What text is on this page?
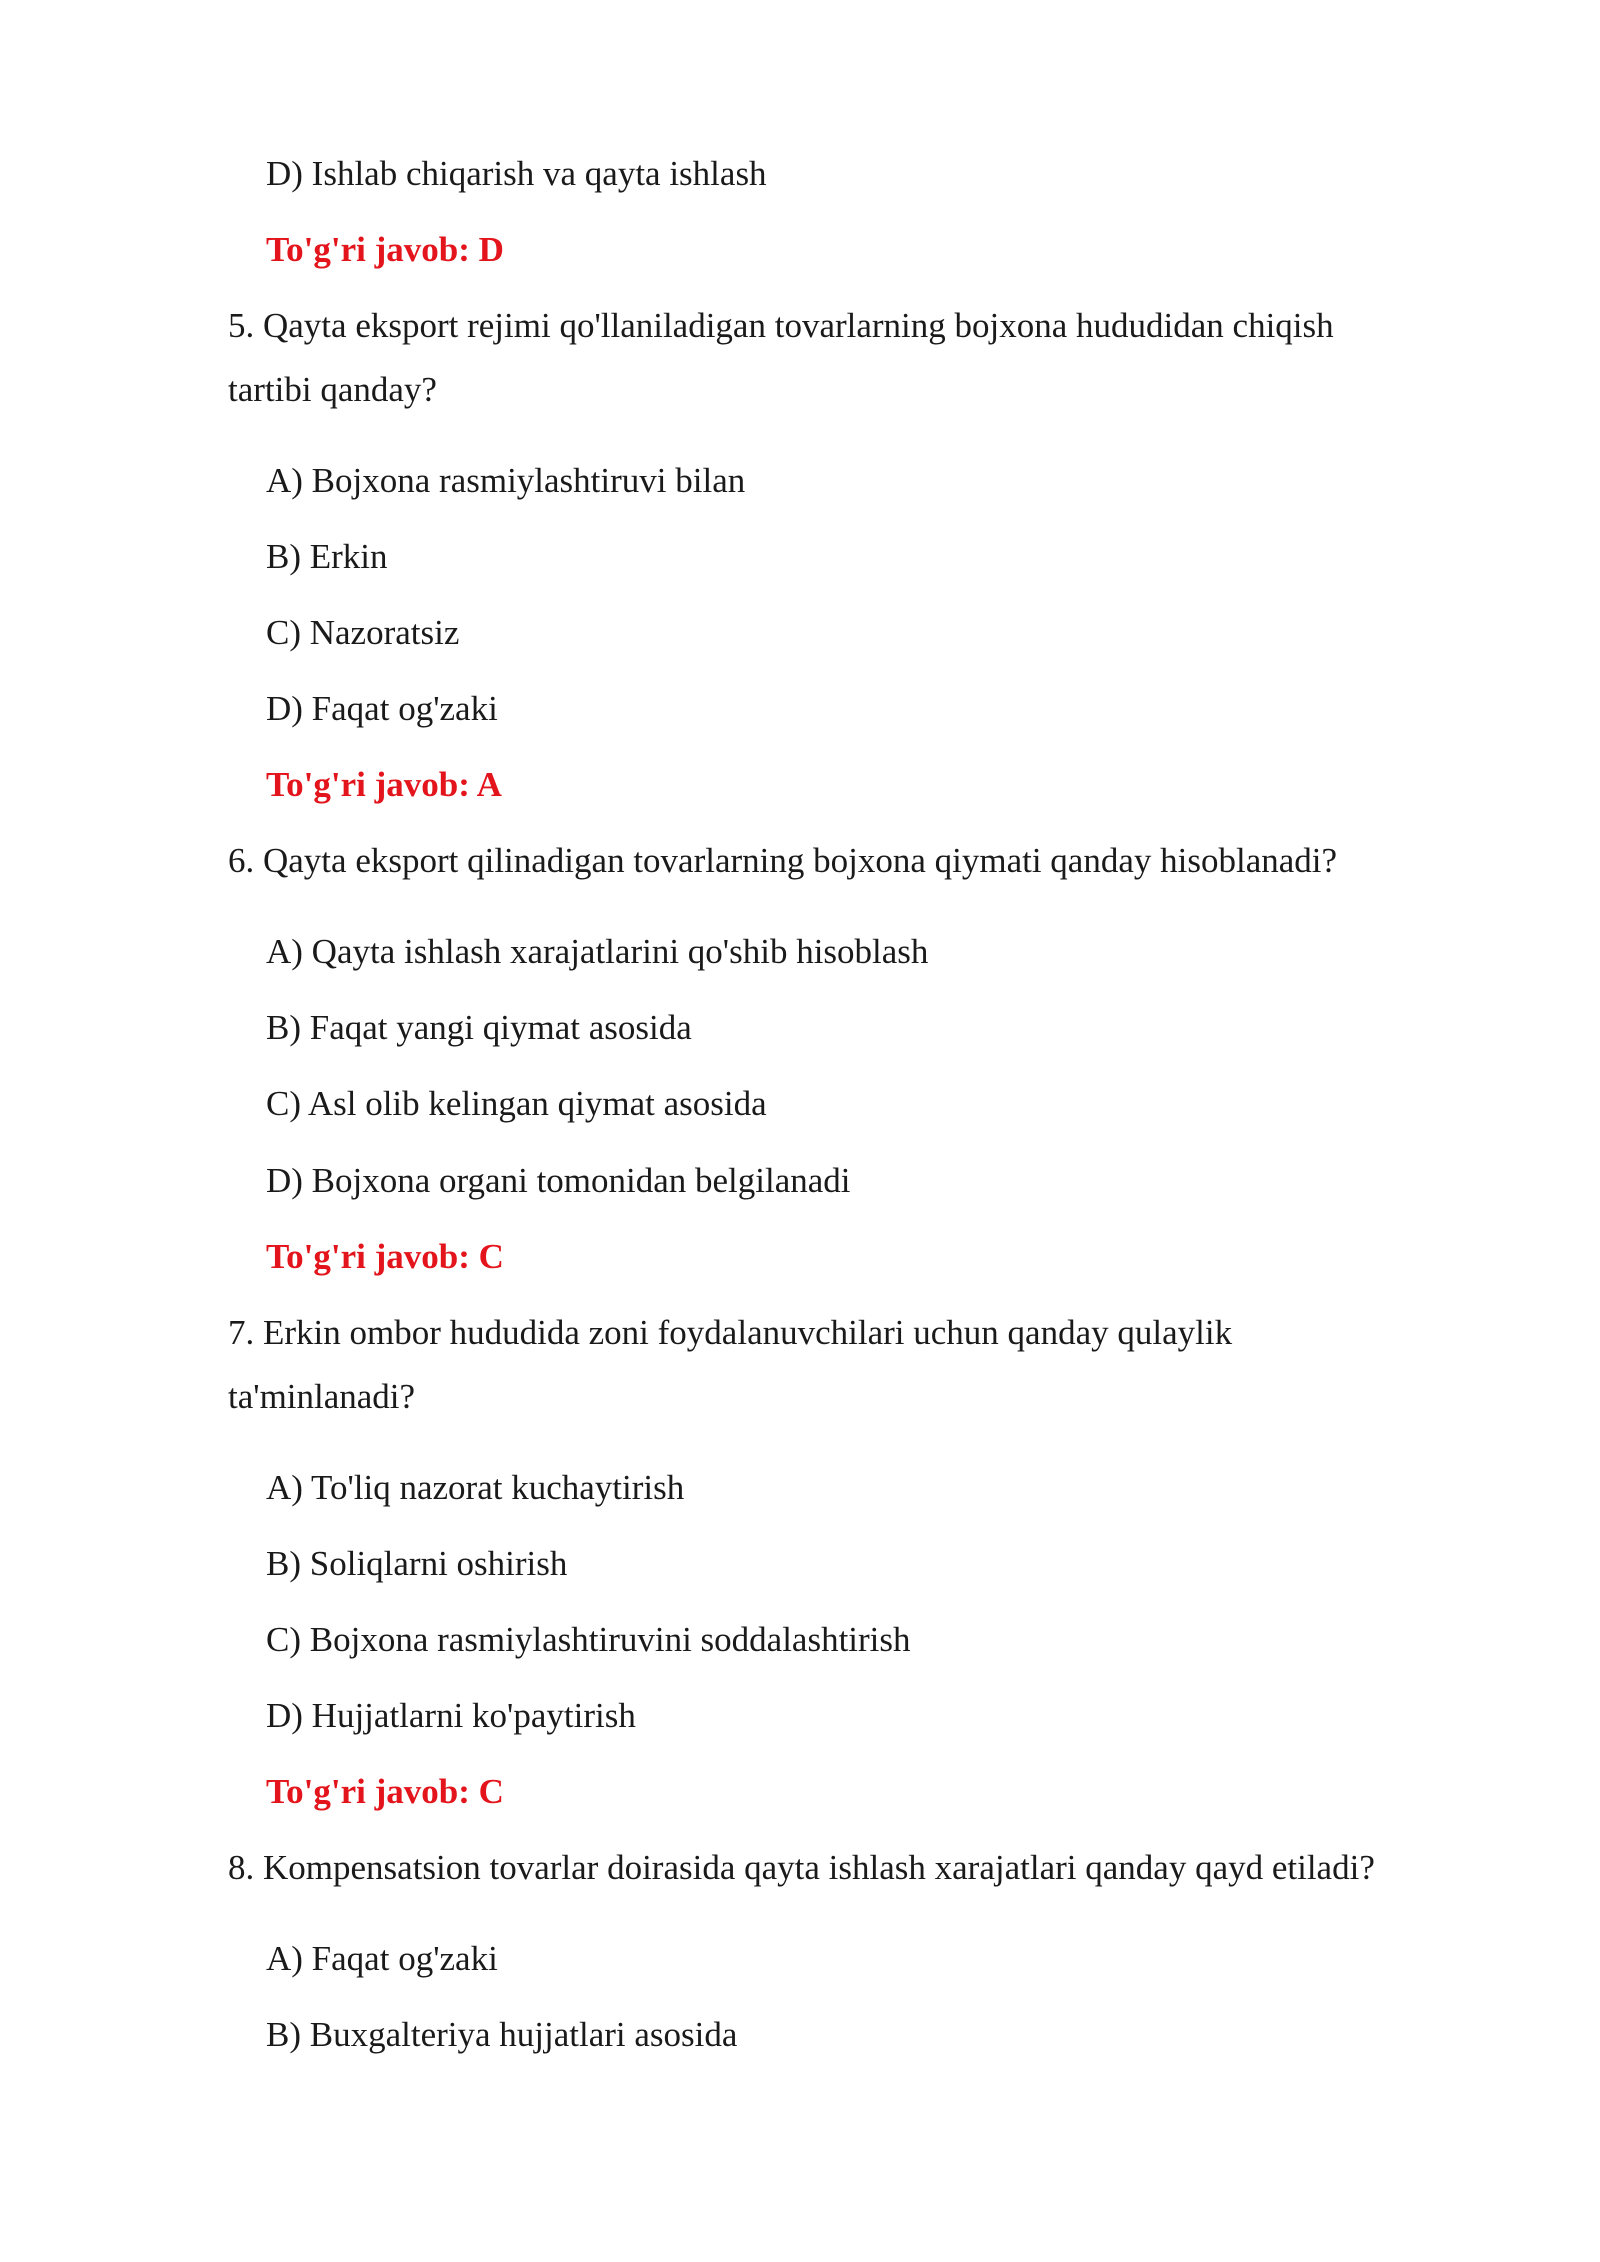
D) Ishlab chiqarish va qayta ishlash
To'g'ri javob: D
5. Qayta eksport rejimi qo'llaniladigan tovarlarning bojxona hududidan chiqish
tartibi qanday?
A) Bojxona rasmiylashtiruvi bilan
B) Erkin
C) Nazoratsiz
D) Faqat og'zaki
To'g'ri javob: A
6. Qayta eksport qilinadigan tovarlarning bojxona qiymati qanday hisoblanadi?
A) Qayta ishlash xarajatlarini qo'shib hisoblash
B) Faqat yangi qiymat asosida
C) Asl olib kelingan qiymat asosida
D) Bojxona organi tomonidan belgilanadi
To'g'ri javob: C
7. Erkin ombor hududida zoni foydalanuvchilari uchun qanday qulaylik
ta'minlanadi?
A) To'liq nazorat kuchaytirish
B) Soliqlarni oshirish
C) Bojxona rasmiylashtiruvini soddalashtirish
D) Hujjatlarni ko'paytirish
To'g'ri javob: C
8. Kompensatsion tovarlar doirasida qayta ishlash xarajatlari qanday qayd etiladi?
A) Faqat og'zaki
B) Buxgalteriya hujjatlari asosida
